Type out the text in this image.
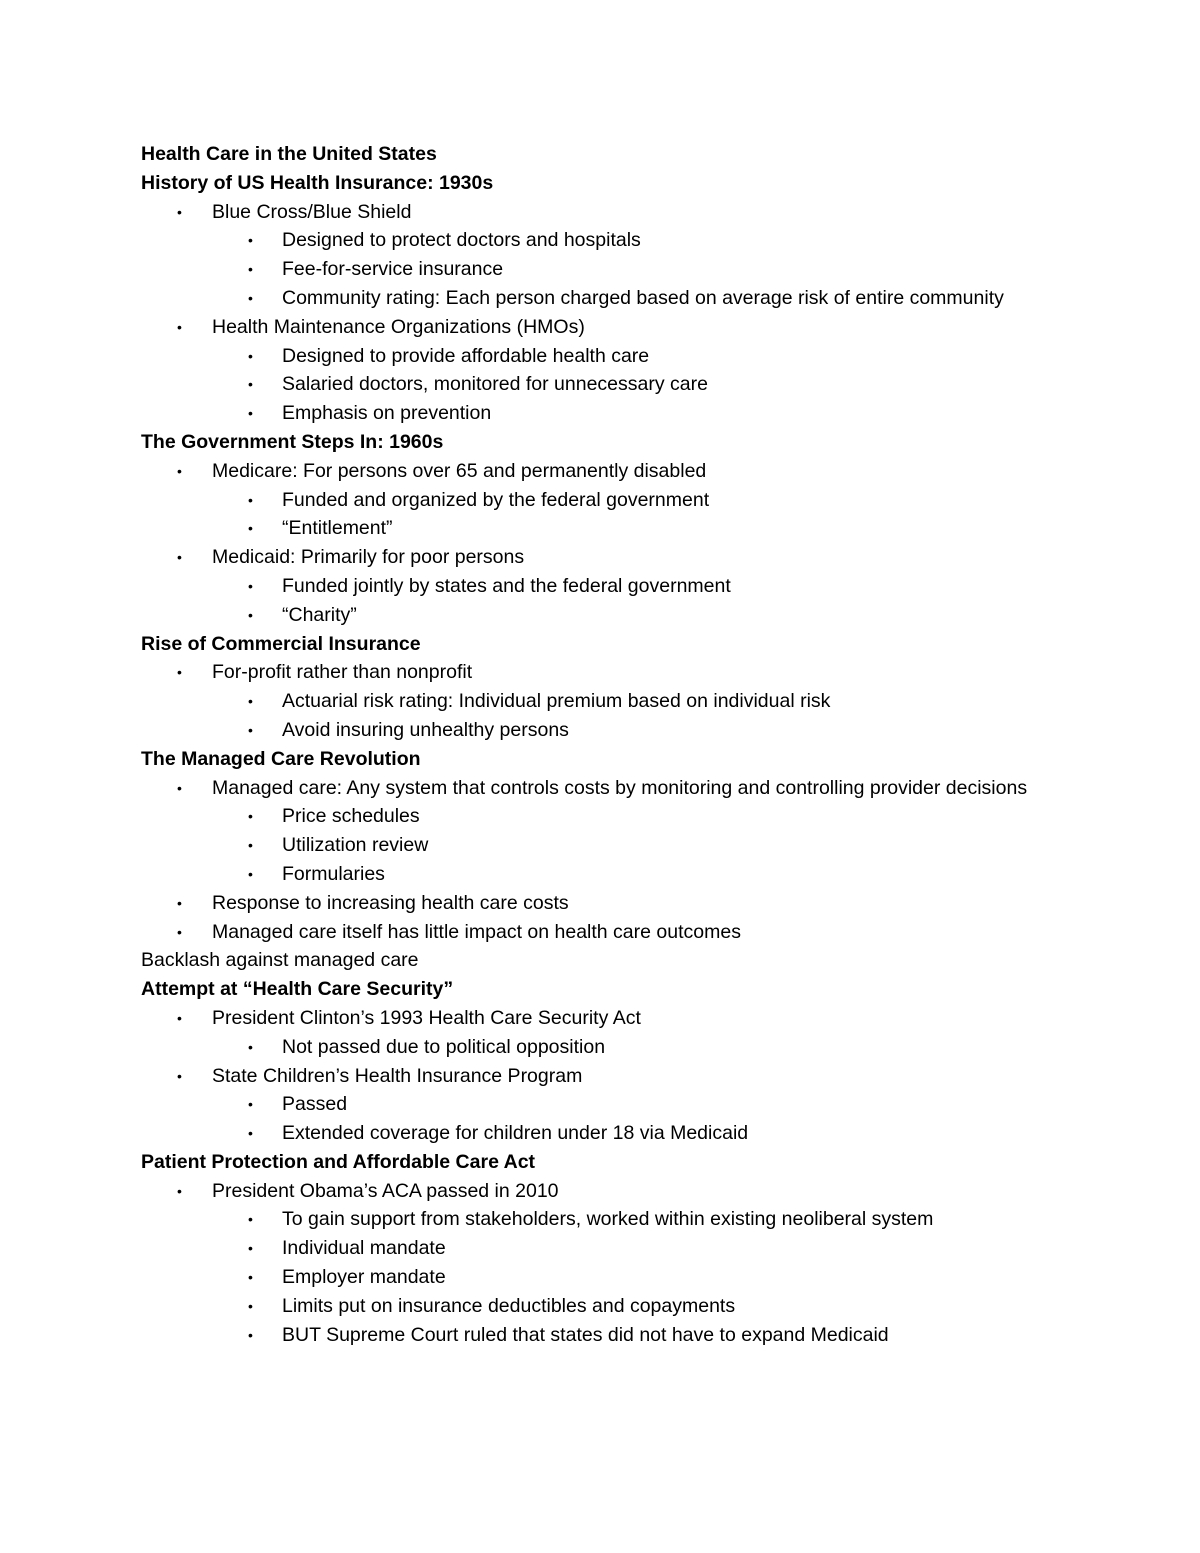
Health Care in the United States
History of US Health Insurance: 1930s
• Blue Cross/Blue Shield
• Designed to protect doctors and hospitals
• Fee-for-service insurance
• Community rating: Each person charged based on average risk of entire community
• Health Maintenance Organizations (HMOs)
• Designed to provide affordable health care
• Salaried doctors, monitored for unnecessary care
• Emphasis on prevention
The Government Steps In: 1960s
• Medicare: For persons over 65 and permanently disabled
• Funded and organized by the federal government
• “Entitlement”
• Medicaid: Primarily for poor persons
• Funded jointly by states and the federal government
• “Charity”
Rise of Commercial Insurance
• For-profit rather than nonprofit
• Actuarial risk rating: Individual premium based on individual risk
• Avoid insuring unhealthy persons
The Managed Care Revolution
• Managed care: Any system that controls costs by monitoring and controlling provider decisions
• Price schedules
• Utilization review
• Formularies
• Response to increasing health care costs
• Managed care itself has little impact on health care outcomes
Backlash against managed care
Attempt at “Health Care Security”
• President Clinton’s 1993 Health Care Security Act
• Not passed due to political opposition
• State Children’s Health Insurance Program
• Passed
• Extended coverage for children under 18 via Medicaid
Patient Protection and Affordable Care Act
• President Obama’s ACA passed in 2010
• To gain support from stakeholders, worked within existing neoliberal system
• Individual mandate
• Employer mandate
• Limits put on insurance deductibles and copayments
• BUT Supreme Court ruled that states did not have to expand Medicaid
